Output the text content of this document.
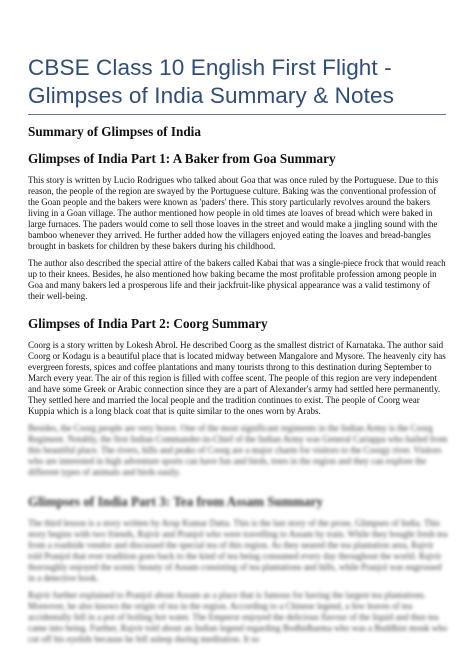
CBSE Class 10 English First Flight - Glimpses of India Summary & Notes
Summary of Glimpses of India
Glimpses of India Part 1: A Baker from Goa Summary

This story is written by Lucio Rodrigues who talked about Goa that was once ruled by the Portuguese. Due to this reason, the people of the region are swayed by the Portuguese culture. Baking was the conventional profession of the Goan people and the bakers were known as 'paders' there. This story particularly revolves around the bakers living in a Goan village. The author mentioned how people in old times ate loaves of bread which were baked in large furnaces. The paders would come to sell those loaves in the street and would make a jingling sound with the bamboo whenever they arrived. He further added how the villagers enjoyed eating the loaves and bread-bangles brought in baskets for children by these bakers during his childhood.

The author also described the special attire of the bakers called Kabai that was a single-piece frock that would reach up to their knees. Besides, he also mentioned how baking became the most profitable profession among people in Goa and many bakers led a prosperous life and their jackfruit-like physical appearance was a valid testimony of their well-being.

Glimpses of India Part 2: Coorg Summary

Coorg is a story written by Lokesh Abrol. He described Coorg as the smallest district of Karnataka. The author said Coorg or Kodagu is a beautiful place that is located midway between Mangalore and Mysore. The heavenly city has evergreen forests, spices and coffee plantations and many tourists throng to this destination during September to March every year. The air of this region is filled with coffee scent. The people of this region are very independent and have some Greek or Arabic connection since they are a part of Alexander's army had settled here permanently. They settled here and married the local people and the tradition continues to exist. The people of Coorg wear Kuppia which is a long black coat that is quite similar to the ones worn by Arabs.

Besides, the Coorg people are very brave. One of the most significant regiments in the Indian Army is the Coorg Regiment. Notably, the first Indian Commander-in-Chief of the Indian Army was General Cariappa who hailed from this beautiful place. The rivers, hills and peaks of Coorg are a major charm for visitors to the Coorgy river. Visitors who are interested in high adventure sports can have fun and birds, trees in the region and they can explore the different types of animals and birds easily.

Glimpses of India Part 3: Tea from Assam Summary

The third lesson is a story written by Arup Kumar Datta. This is the last story of the prose, Glimpses of India. This story begins with two friends, Rajvir and Pranjol who were travelling to Assam by train. While they bought fresh tea from a roadside vendor and discussed the special tea of this region. As they neared the tea plantation area, Rajvir told Pranjol that ever tradition goes back to the kind of tea being consumed every day throughout the world. Rajvir thoroughly enjoyed the scenic beauty of Assam consisting of tea plantations and hills, while Pranjol was engrossed in a detective book.

Rajvir further explained to Pranjol about Assam as a place that is famous for having the largest tea plantations. Moreover, he also knows the origin of tea in the region. According to a Chinese legend, a few leaves of tea accidentally fell in a pot of boiling hot water. The Emperor enjoyed the delicious flavour of the liquid and thus tea came into being. Further, Rajvir told about an Indian legend regarding Bodhidharma who was a Buddhist monk who cut off his eyelids because he fell asleep during meditation. It so
